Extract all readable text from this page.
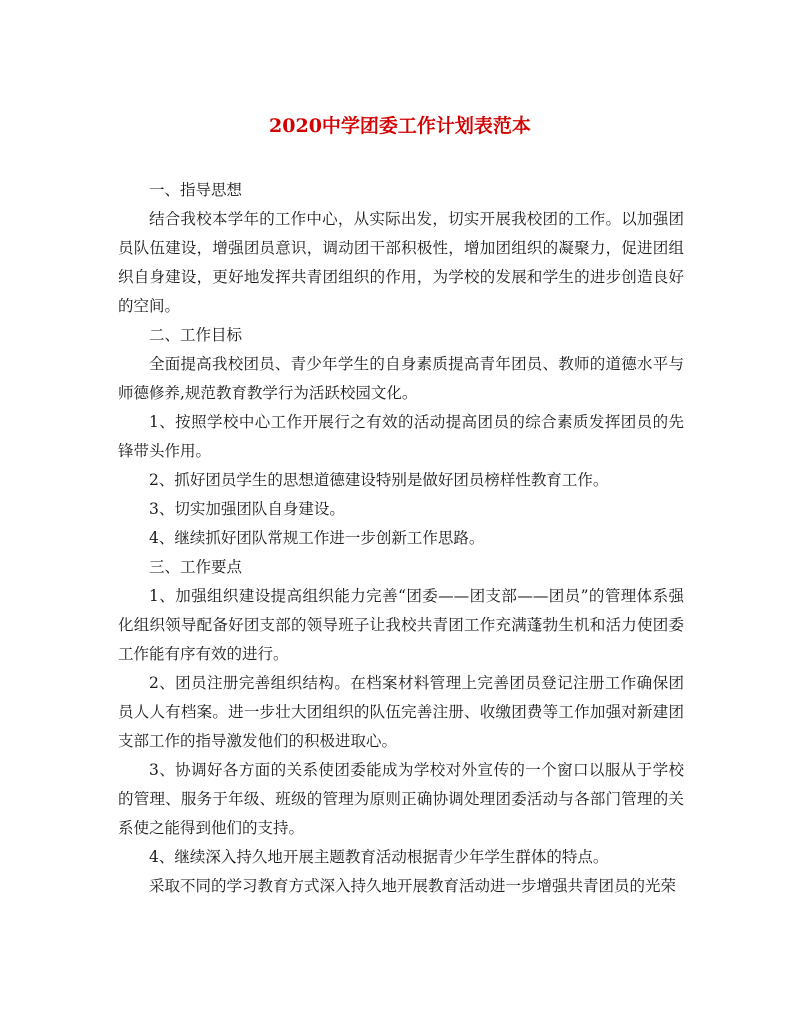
2020中学团委工作计划表范本

一、指导思想

结合我校本学年的工作中心，从实际出发，切实开展我校团的工作。以加强团员队伍建设，增强团员意识，调动团干部积极性，增加团组织的凝聚力，促进团组织自身建设，更好地发挥共青团组织的作用，为学校的发展和学生的进步创造良好的空间。

二、工作目标

全面提高我校团员、青少年学生的自身素质提高青年团员、教师的道德水平与师德修养,规范教育教学行为活跃校园文化。

1、按照学校中心工作开展行之有效的活动提高团员的综合素质发挥团员的先锋带头作用。

2、抓好团员学生的思想道德建设特别是做好团员榜样性教育工作。

3、切实加强团队自身建设。

4、继续抓好团队常规工作进一步创新工作思路。

三、工作要点

1、加强组织建设提高组织能力完善“团委——团支部——团员”的管理体系强化组织领导配备好团支部的领导班子让我校共青团工作充满蓬勃生机和活力使团委工作能有序有效的进行。

2、团员注册完善组织结构。在档案材料管理上完善团员登记注册工作确保团员人人有档案。进一步壮大团组织的队伍完善注册、收缴团费等工作加强对新建团支部工作的指导激发他们的积极进取心。

3、协调好各方面的关系使团委能成为学校对外宣传的一个窗口以服从于学校的管理、服务于年级、班级的管理为原则正确协调处理团委活动与各部门管理的关系使之能得到他们的支持。

4、继续深入持久地开展主题教育活动根据青少年学生群体的特点。

采取不同的学习教育方式深入持久地开展教育活动进一步增强共青团员的光荣
